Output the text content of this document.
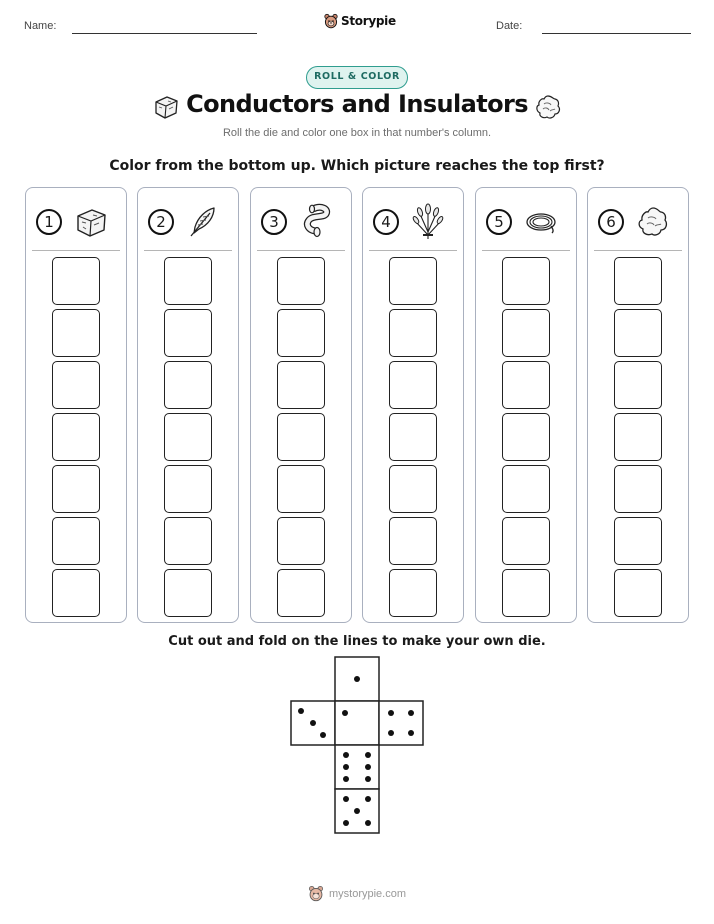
Name:	Storypie	Date:
ROLL & COLOR
Conductors and Insulators
Roll the die and color one box in that number's column.
Color from the bottom up. Which picture reaches the top first?
1	2	3	4	5	6
Cut out and fold on the lines to make your own die.
mystorypie.com
